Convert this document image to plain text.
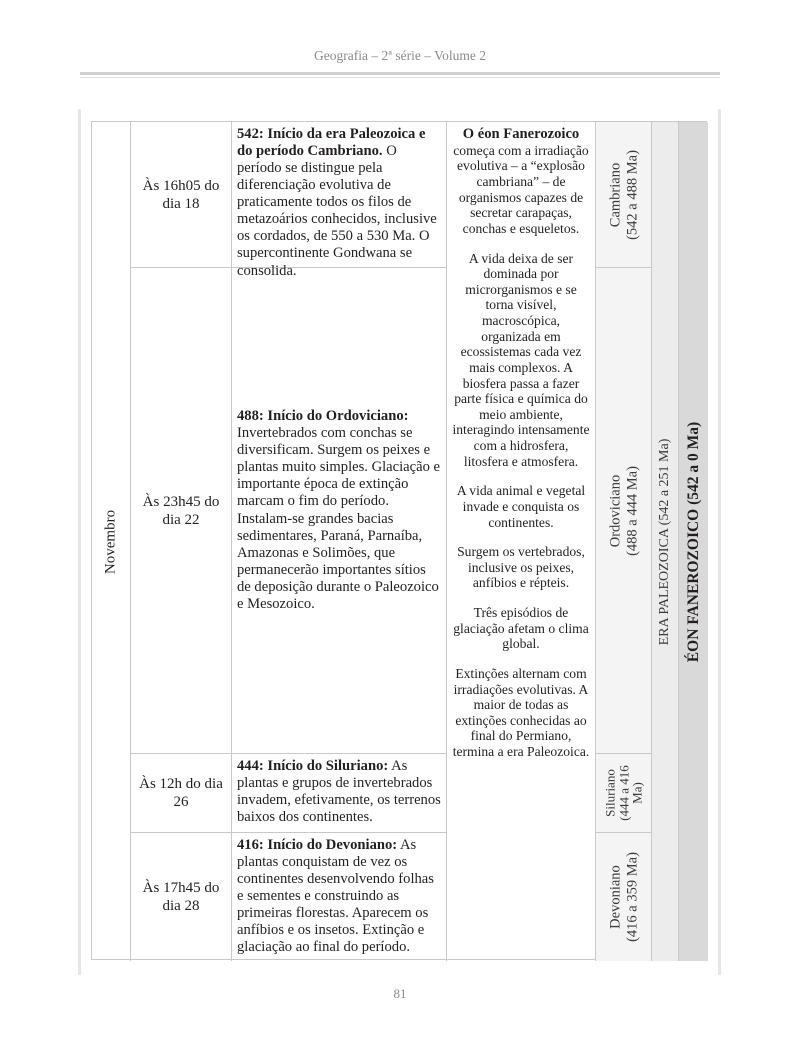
Geografia – 2ª série – Volume 2
Novembro
Às 16h05 do dia 18
542: Início da era Paleozoica e do período Cambriano. O período se distingue pela diferenciação evolutiva de praticamente todos os filos de metazoários conhecidos, inclusive os cordados, de 550 a 530 Ma. O supercontinente Gondwana se consolida.

O éon Fanerozoico começa com a irradiação evolutiva – a “explosão cambriana” – de organismos capazes de secretar carapaças, conchas e esqueletos.

A vida deixa de ser dominada por microrganismos e se torna visível, macroscópica, organizada em ecossistemas cada vez mais complexos. A biosfera passa a fazer parte física e química do meio ambiente, interagindo intensamente com a hidrosfera, litosfera e atmosfera.

A vida animal e vegetal invade e conquista os continentes.

Surgem os vertebrados, inclusive os peixes, anfíbios e répteis.

Três episódios de glaciação afetam o clima global.

Extinções alternam com irradiações evolutivas. A maior de todas as extinções conhecidas ao final do Permiano, termina a era Paleozoica.

Cambriano
(542 a 488 Ma)
ERA PALEOZOICA (542 a 251 Ma) ÉON FANEROZOICO (542 a 0 Ma)
Às 23h45 do dia 22
488: Início do Ordoviciano: Invertebrados com conchas se diversificam. Surgem os peixes e plantas muito simples. Glaciação e importante época de extinção marcam o fim do período. Instalam-se grandes bacias sedimentares, Paraná, Parnaíba, Amazonas e Solimões, que permanecerão importantes sítios de deposição durante o Paleozoico e Mesozoico.
Ordoviciano
(488 a 444 Ma)
Às 12h do dia 26
444: Início do Siluriano: As plantas e grupos de invertebrados invadem, efetivamente, os terrenos baixos dos continentes.
Siluriano
(444 a 416
Ma)
Às 17h45 do dia 28
416: Início do Devoniano: As plantas conquistam de vez os continentes desenvolvendo folhas e sementes e construindo as primeiras florestas. Aparecem os anfíbios e os insetos. Extinção e glaciação ao final do período.
Devoniano
(416 a 359 Ma)
81
